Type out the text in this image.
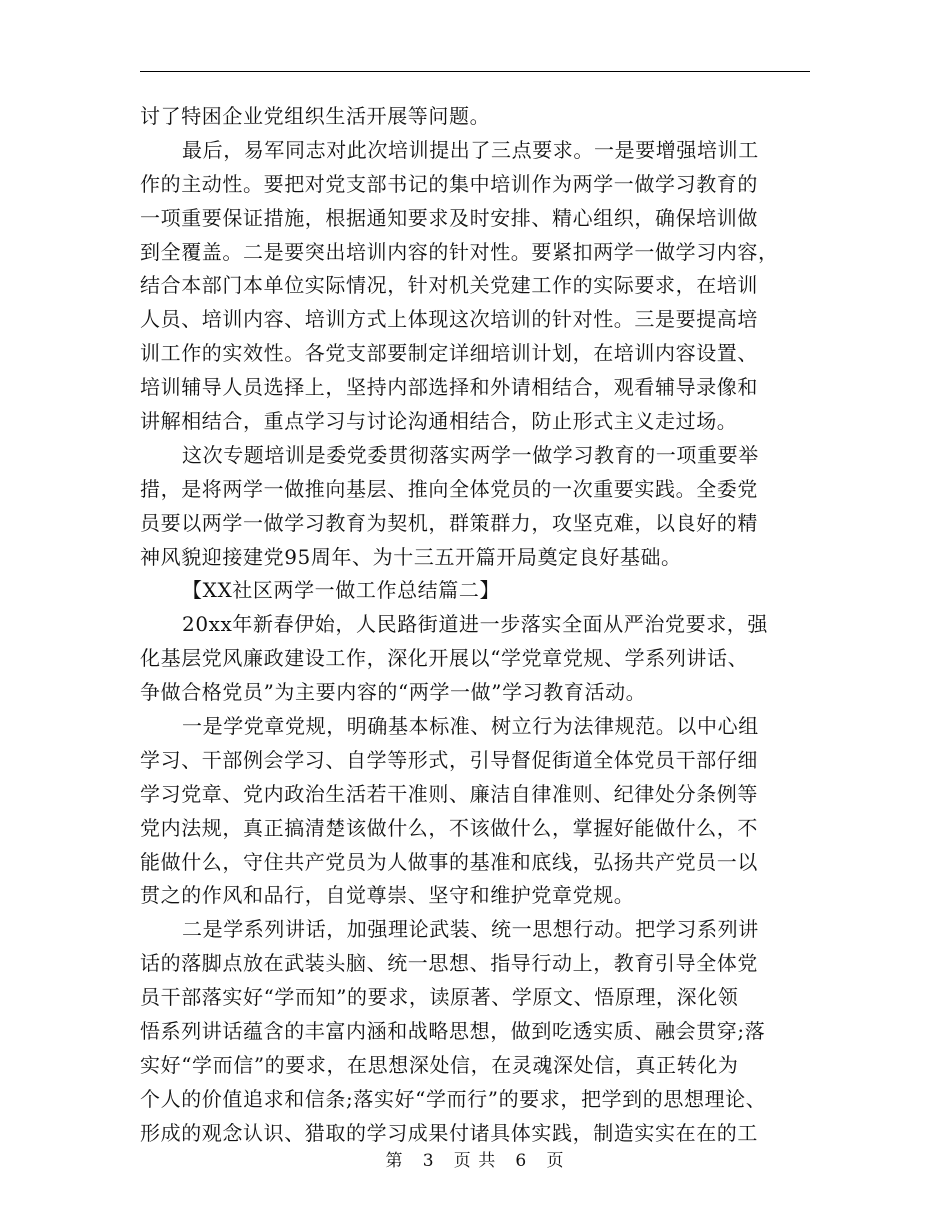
讨了特困企业党组织生活开展等问题。
最后，易军同志对此次培训提出了三点要求。一是要增强培训工
作的主动性。要把对党支部书记的集中培训作为两学一做学习教育的
一项重要保证措施，根据通知要求及时安排、精心组织，确保培训做
到全覆盖。二是要突出培训内容的针对性。要紧扣两学一做学习内容，
结合本部门本单位实际情况，针对机关党建工作的实际要求，在培训
人员、培训内容、培训方式上体现这次培训的针对性。三是要提高培
训工作的实效性。各党支部要制定详细培训计划，在培训内容设置、
培训辅导人员选择上，坚持内部选择和外请相结合，观看辅导录像和
讲解相结合，重点学习与讨论沟通相结合，防止形式主义走过场。
这次专题培训是委党委贯彻落实两学一做学习教育的一项重要举
措，是将两学一做推向基层、推向全体党员的一次重要实践。全委党
员要以两学一做学习教育为契机，群策群力，攻坚克难，以良好的精
神风貌迎接建党95周年、为十三五开篇开局奠定良好基础。
【XX社区两学一做工作总结篇二】
20xx年新春伊始，人民路街道进一步落实全面从严治党要求，强
化基层党风廉政建设工作，深化开展以“学党章党规、学系列讲话、
争做合格党员”为主要内容的“两学一做”学习教育活动。
一是学党章党规，明确基本标准、树立行为法律规范。以中心组
学习、干部例会学习、自学等形式，引导督促街道全体党员干部仔细
学习党章、党内政治生活若干准则、廉洁自律准则、纪律处分条例等
党内法规，真正搞清楚该做什么，不该做什么，掌握好能做什么，不
能做什么，守住共产党员为人做事的基准和底线，弘扬共产党员一以
贯之的作风和品行，自觉尊崇、坚守和维护党章党规。
二是学系列讲话，加强理论武装、统一思想行动。把学习系列讲
话的落脚点放在武装头脑、统一思想、指导行动上，教育引导全体党
员干部落实好“学而知”的要求，读原著、学原文、悟原理，深化领
悟系列讲话蕴含的丰富内涵和战略思想，做到吃透实质、融会贯穿;落
实好“学而信”的要求，在思想深处信，在灵魂深处信，真正转化为
个人的价值追求和信条;落实好“学而行”的要求，把学到的思想理论、
形成的观念认识、猎取的学习成果付诸具体实践，制造实实在在的工
第 3 页 共 6 页
